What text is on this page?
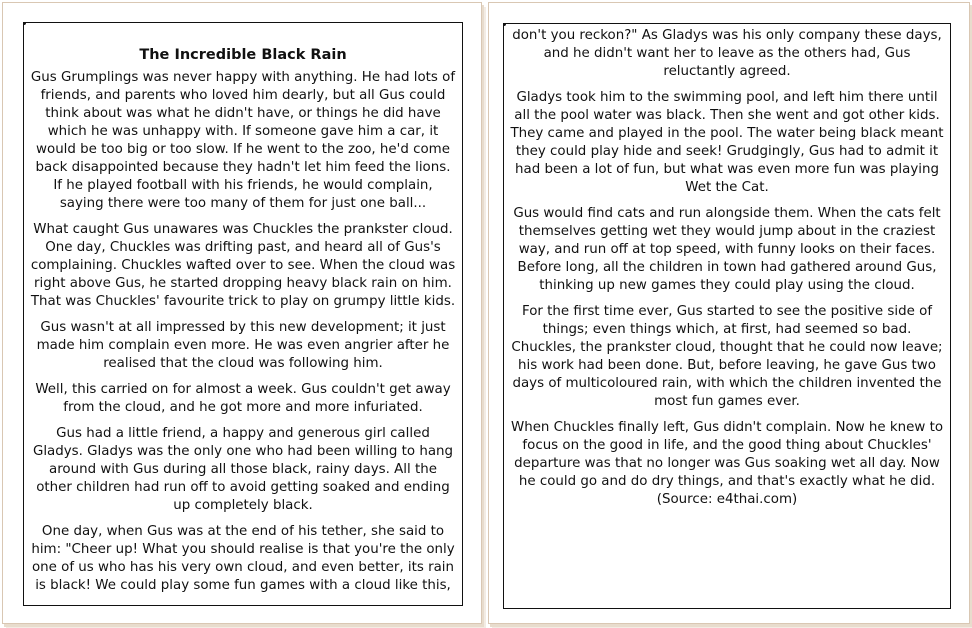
The Incredible Black Rain

Gus Grumplings was never happy with anything. He had lots of friends, and parents who loved him dearly, but all Gus could think about was what he didn't have, or things he did have which he was unhappy with. If someone gave him a car, it would be too big or too slow. If he went to the zoo, he'd come back disappointed because they hadn't let him feed the lions. If he played football with his friends, he would complain, saying there were too many of them for just one ball...

What caught Gus unawares was Chuckles the prankster cloud. One day, Chuckles was drifting past, and heard all of Gus's complaining. Chuckles wafted over to see. When the cloud was right above Gus, he started dropping heavy black rain on him. That was Chuckles' favourite trick to play on grumpy little kids.

Gus wasn't at all impressed by this new development; it just made him complain even more. He was even angrier after he realised that the cloud was following him.

Well, this carried on for almost a week. Gus couldn't get away from the cloud, and he got more and more infuriated.

Gus had a little friend, a happy and generous girl called Gladys. Gladys was the only one who had been willing to hang around with Gus during all those black, rainy days. All the other children had run off to avoid getting soaked and ending up completely black.

One day, when Gus was at the end of his tether, she said to him: "Cheer up! What you should realise is that you're the only one of us who has his very own cloud, and even better, its rain is black! We could play some fun games with a cloud like this,

don't you reckon?" As Gladys was his only company these days, and he didn't want her to leave as the others had, Gus reluctantly agreed.

Gladys took him to the swimming pool, and left him there until all the pool water was black. Then she went and got other kids. They came and played in the pool. The water being black meant they could play hide and seek! Grudgingly, Gus had to admit it had been a lot of fun, but what was even more fun was playing Wet the Cat.

Gus would find cats and run alongside them. When the cats felt themselves getting wet they would jump about in the craziest way, and run off at top speed, with funny looks on their faces. Before long, all the children in town had gathered around Gus, thinking up new games they could play using the cloud.

For the first time ever, Gus started to see the positive side of things; even things which, at first, had seemed so bad. Chuckles, the prankster cloud, thought that he could now leave; his work had been done. But, before leaving, he gave Gus two days of multicoloured rain, with which the children invented the most fun games ever.

When Chuckles finally left, Gus didn't complain. Now he knew to focus on the good in life, and the good thing about Chuckles' departure was that no longer was Gus soaking wet all day. Now he could go and do dry things, and that's exactly what he did. (Source: e4thai.com)
